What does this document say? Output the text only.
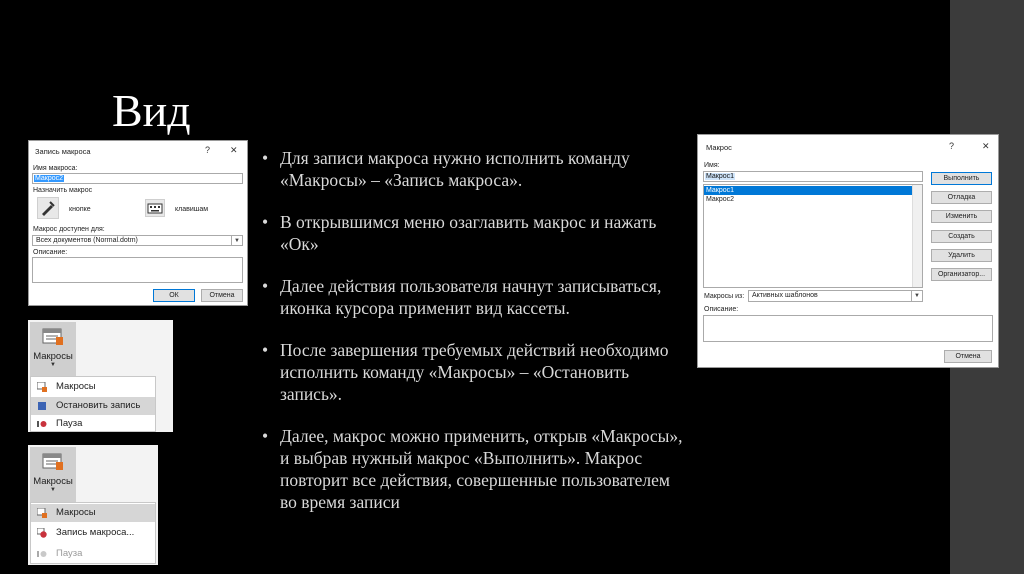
Вид
• Для записи макроса нужно исполнить команду «Макросы» – «Запись макроса».
• В открывшимся меню озаглавить макрос и нажать «Ок»
• Далее действия пользователя начнут записываться, иконка курсора применит вид кассеты.
• После завершения требуемых действий необходимо исполнить команду «Макросы» – «Остановить запись».
• Далее, макрос можно применить, открыв «Макросы», и выбрав нужный макрос «Выполнить». Макрос повторит все действия, совершенные пользователем во время записи
Запись макроса	? ✕
Имя макроса:
Макрос2
Назначить макрос
кнопке	клавишам
Макрос доступен для:
Всех документов (Normal.dotm)	▼
Описание:
ОК	Отмена
Макросы
▼
Макросы
Остановить запись
Пауза
Макросы
▼
Макросы
Запись макроса...
Пауза
Макрос	?	✕
Имя:
Макрос1
Макрос1
Макрос2
Выполнить
Отладка
Изменить
Создать
Удалить
Организатор...
Макросы из:	Активных шаблонов	▼
Описание:
Отмена
